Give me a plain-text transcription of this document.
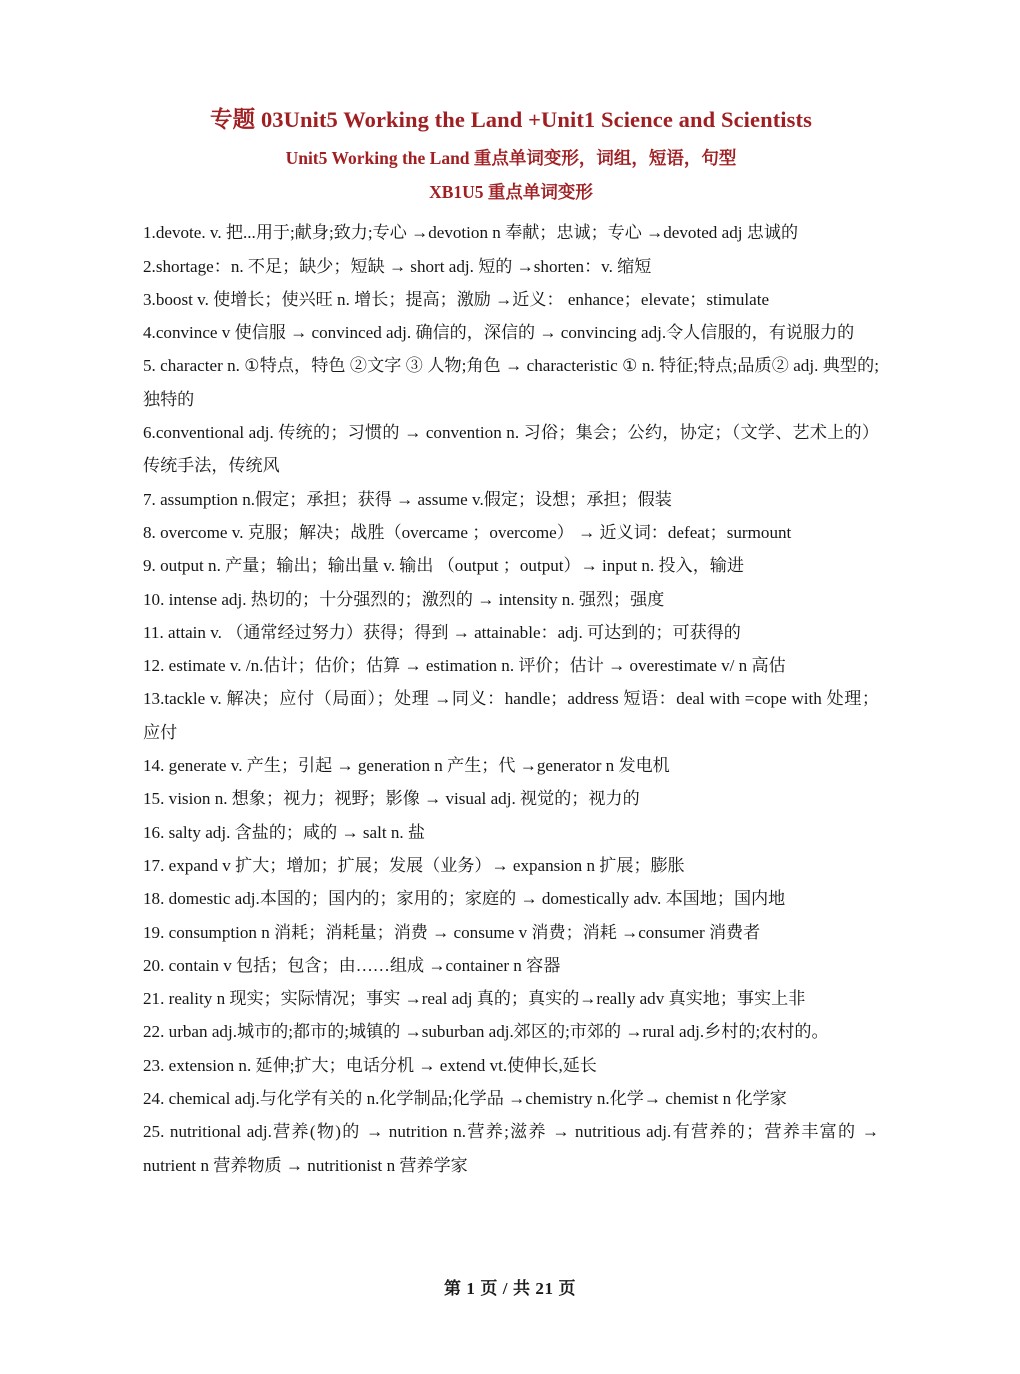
专题 03Unit5 Working the Land +Unit1 Science and Scientists
Unit5 Working the Land 重点单词变形，词组，短语，句型
XB1U5 重点单词变形

1.devote. v. 把...用于;献身;致力;专心 →devotion n 奉献；忠诚；专心 →devoted adj 忠诚的

2.shortage：n. 不足；缺少；短缺 → short adj. 短的 →shorten：v. 缩短

3.boost v. 使增长；使兴旺 n. 增长；提高；激励 →近义： enhance；elevate；stimulate

4.convince v 使信服 → convinced adj. 确信的，深信的 → convincing adj.令人信服的，有说服力的

5. character n. ①特点，特色 ②文字 ③ 人物;角色 → characteristic ① n. 特征;特点;品质② adj. 典型的;独特的

6.conventional adj. 传统的；习惯的 → convention n. 习俗；集会；公约，协定；（文学、艺术上的）传统手法，传统风

7. assumption n.假定；承担；获得 → assume v.假定；设想；承担；假装

8. overcome v. 克服；解决；战胜（overcame ；overcome） → 近义词：defeat；surmount

9. output n. 产量；输出；输出量 v. 输出 （output ；output）→ input n. 投入，输进

10. intense adj. 热切的；十分强烈的；激烈的 → intensity n. 强烈；强度

11. attain v. （通常经过努力）获得；得到 → attainable：adj. 可达到的；可获得的

12. estimate v. /n.估计；估价；估算 → estimation n. 评价；估计 → overestimate v/ n 高估

13.tackle v. 解决；应付（局面）；处理 →同义：handle；address 短语：deal with =cope with 处理；应付

14. generate v. 产生；引起 → generation n 产生；代 →generator n 发电机

15. vision n. 想象；视力；视野；影像 → visual adj. 视觉的；视力的

16. salty adj. 含盐的；咸的 → salt n. 盐

17. expand v 扩大；增加；扩展；发展（业务）→ expansion n 扩展；膨胀

18. domestic adj.本国的；国内的；家用的；家庭的 → domestically adv. 本国地；国内地

19. consumption n 消耗；消耗量；消费 → consume v 消费；消耗 →consumer 消费者

20. contain v 包括；包含；由……组成 →container n 容器

21. reality n 现实；实际情况；事实 →real adj 真的；真实的→really adv 真实地；事实上非

22. urban adj.城市的;都市的;城镇的 →suburban adj.郊区的;市郊的 →rural adj.乡村的;农村的。

23. extension n. 延伸;扩大；电话分机 → extend vt.使伸长,延长

24. chemical adj.与化学有关的 n.化学制品;化学品 →chemistry n.化学→ chemist n 化学家

25. nutritional adj.营养(物)的 → nutrition n.营养;滋养 → nutritious adj.有营养的；营养丰富的 → nutrient n 营养物质 → nutritionist n 营养学家

第 1 页 / 共 21 页
